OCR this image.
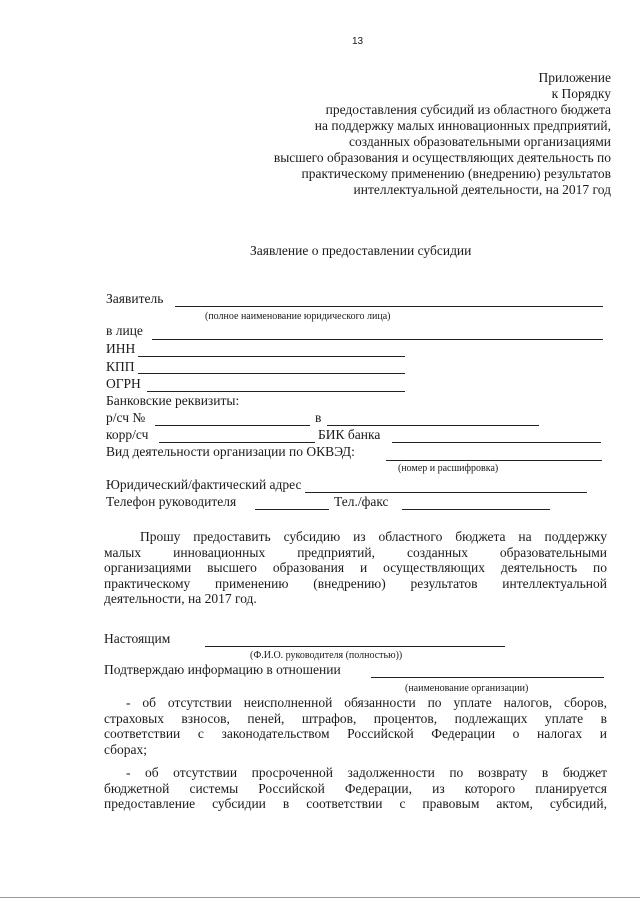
13
Приложение
к Порядку
предоставления субсидий из областного бюджета
на поддержку малых инновационных предприятий,
созданных образовательными организациями
высшего образования и осуществляющих деятельность по
практическому применению (внедрению) результатов
интеллектуальной деятельности, на 2017 год
Заявление о предоставлении субсидии
Заявитель
(полное наименование юридического лица)
в лице
ИНН
КПП
ОГРН
Банковские реквизиты:
р/сч №	в
корр/сч	БИК банка
Вид деятельности организации по ОКВЭД:
(номер и расшифровка)
Юридический/фактический адрес
Телефон руководителя	Тел./факс
Прошу предоставить субсидию из областного бюджета на поддержку
малых инновационных предприятий, созданных образовательными
организациями высшего образования и осуществляющих деятельность по
практическому применению (внедрению) результатов интеллектуальной
деятельности, на 2017 год.
Настоящим
(Ф.И.О. руководителя (полностью))
Подтверждаю информацию в отношении
(наименование организации)
- об отсутствии неисполненной обязанности по уплате налогов, сборов,
страховых взносов, пеней, штрафов, процентов, подлежащих уплате в
соответствии с законодательством Российской Федерации о налогах и
сборах;
- об отсутствии просроченной задолженности по возврату в бюджет
бюджетной системы Российской Федерации, из которого планируется
предоставление субсидии в соответствии с правовым актом, субсидий,
